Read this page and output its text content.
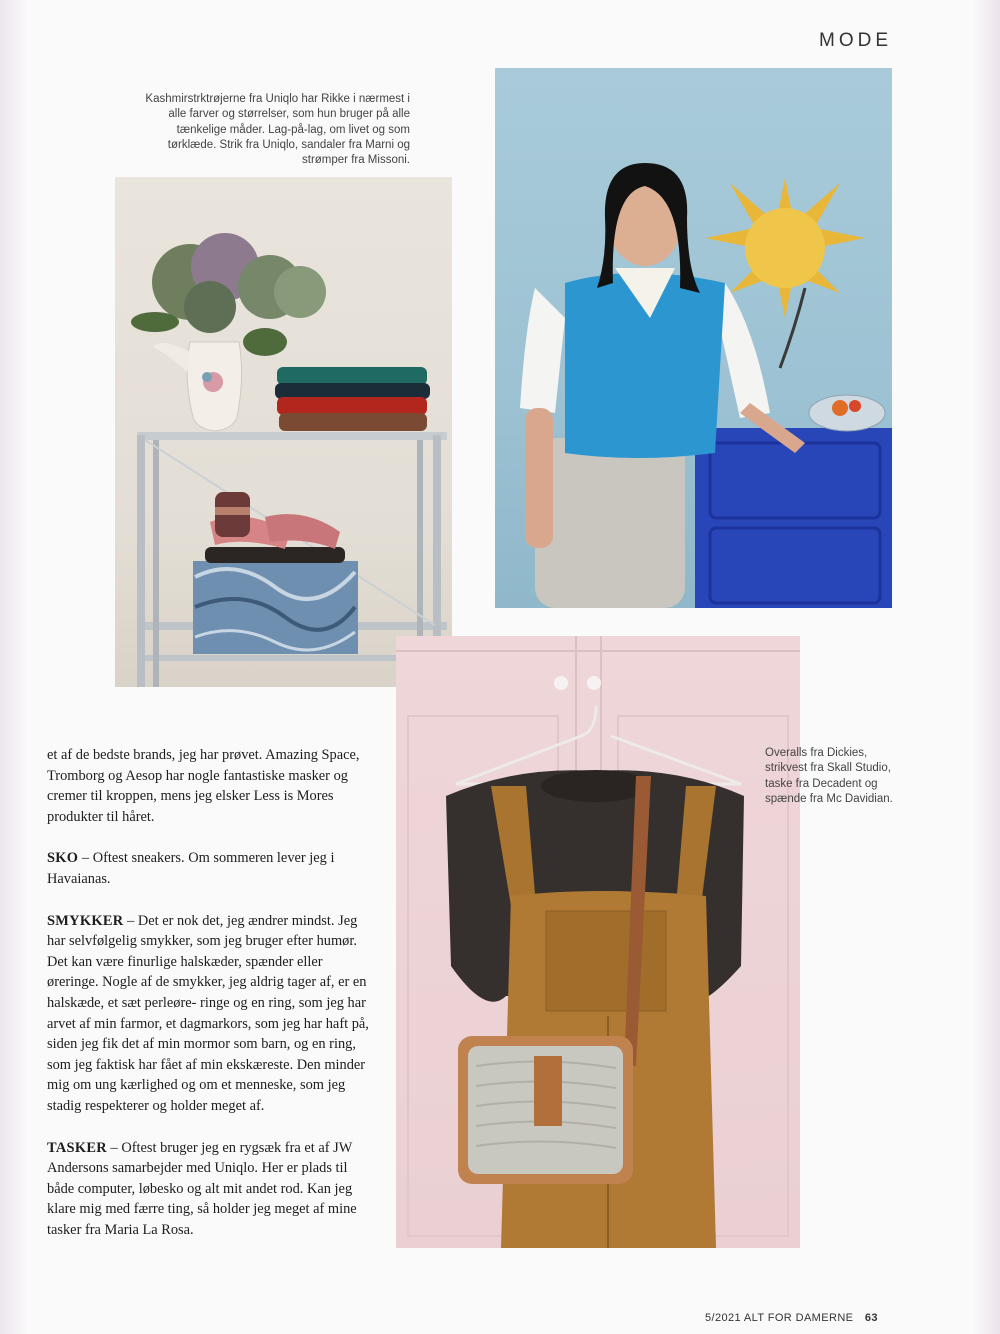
MODE
Kashmirstrktrøjerne fra Uniqlo har Rikke i nærmest i alle farver og størrelser, som hun bruger på alle tænkelige måder. Lag-på-lag, om livet og som tørklæde. Strik fra Uniqlo, sandaler fra Marni og strømper fra Missoni.
Overalls fra Dickies, strikvest fra Skall Studio, taske fra Decadent og spænde fra Mc Davidian.

et af de bedste brands, jeg har prøvet. Amazing Space, Tromborg og Aesop har nogle fantastiske masker og cremer til kroppen, mens jeg elsker Less is Mores produkter til håret.

SKO – Oftest sneakers. Om sommeren lever jeg i Havaianas.

SMYKKER – Det er nok det, jeg ændrer mindst. Jeg har selvfølgelig smykker, som jeg bruger efter humør. Det kan være finurlige halskæder, spænder eller øreringe. Nogle af de smykker, jeg aldrig tager af, er en halskæde, et sæt perleøre- ringe og en ring, som jeg har arvet af min farmor, et dagmarkors, som jeg har haft på, siden jeg fik det af min mormor som barn, og en ring, som jeg faktisk har fået af min ekskæreste. Den minder mig om ung kærlighed og om et menneske, som jeg stadig respekterer og holder meget af.

TASKER – Oftest bruger jeg en rygsæk fra et af JW Andersons samarbejder med Uniqlo. Her er plads til både computer, løbesko og alt mit andet rod. Kan jeg klare mig med færre ting, så holder jeg meget af mine tasker fra Maria La Rosa.

5/2021 ALT FOR DAMERNE 63
